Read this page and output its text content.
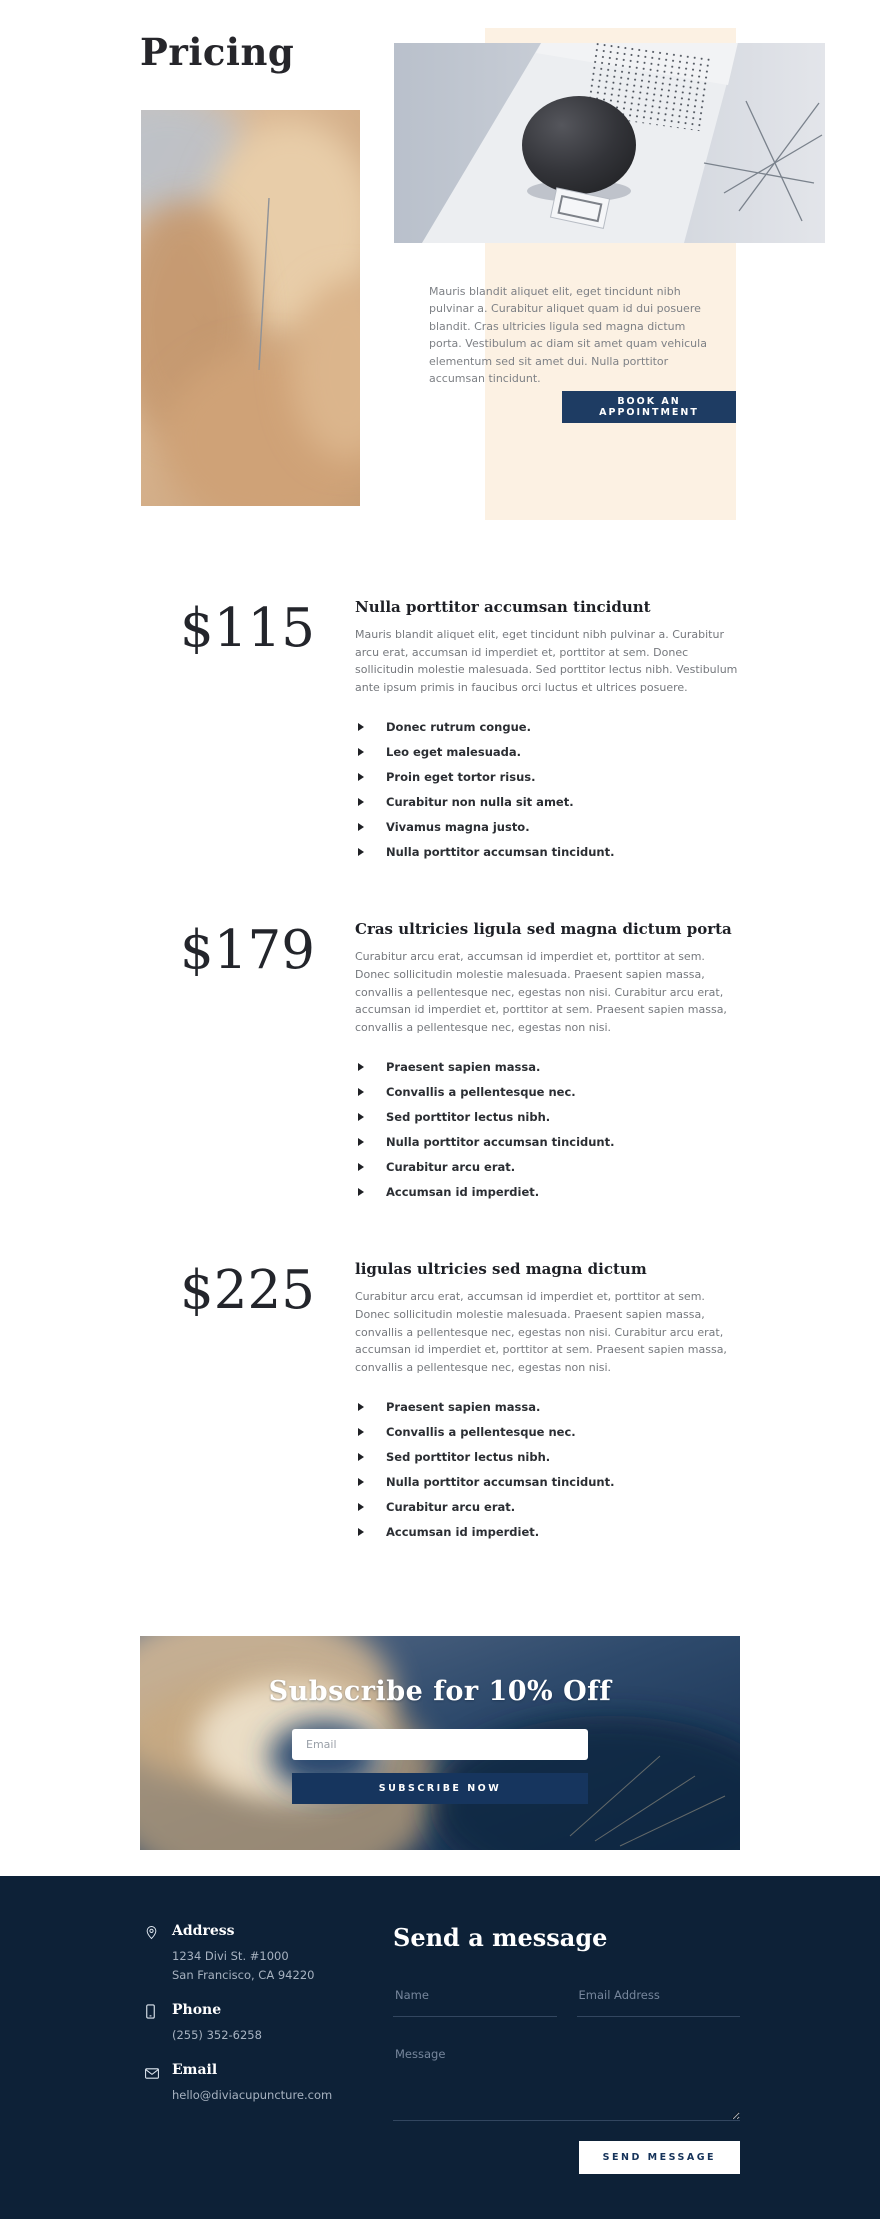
Pricing

Mauris blandit aliquet elit, eget tincidunt nibh pulvinar a. Curabitur aliquet quam id dui posuere blandit. Cras ultricies ligula sed magna dictum porta. Vestibulum ac diam sit amet quam vehicula elementum sed sit amet dui. Nulla porttitor accumsan tincidunt.

BOOK AN APPOINTMENT
$115	Nulla porttitor accumsan tincidunt

Mauris blandit aliquet elit, eget tincidunt nibh pulvinar a. Curabitur arcu erat, accumsan id imperdiet et, porttitor at sem. Donec sollicitudin molestie malesuada. Sed porttitor lectus nibh. Vestibulum ante ipsum primis in faucibus orci luctus et ultrices posuere.

Donec rutrum congue.
Leo eget malesuada.
Proin eget tortor risus.
Curabitur non nulla sit amet.
Vivamus magna justo.
Nulla porttitor accumsan tincidunt.
$179	Cras ultricies ligula sed magna dictum porta

Curabitur arcu erat, accumsan id imperdiet et, porttitor at sem. Donec sollicitudin molestie malesuada. Praesent sapien massa, convallis a pellentesque nec, egestas non nisi. Curabitur arcu erat, accumsan id imperdiet et, porttitor at sem. Praesent sapien massa, convallis a pellentesque nec, egestas non nisi.

Praesent sapien massa.
Convallis a pellentesque nec.
Sed porttitor lectus nibh.
Nulla porttitor accumsan tincidunt.
Curabitur arcu erat.
Accumsan id imperdiet.
$225	ligulas ultricies sed magna dictum

Curabitur arcu erat, accumsan id imperdiet et, porttitor at sem. Donec sollicitudin molestie malesuada. Praesent sapien massa, convallis a pellentesque nec, egestas non nisi. Curabitur arcu erat, accumsan id imperdiet et, porttitor at sem. Praesent sapien massa, convallis a pellentesque nec, egestas non nisi.

Praesent sapien massa.
Convallis a pellentesque nec.
Sed porttitor lectus nibh.
Nulla porttitor accumsan tincidunt.
Curabitur arcu erat.
Accumsan id imperdiet.
Subscribe for 10% Off
Email
SUBSCRIBE NOW
Address

1234 Divi St. #1000

San Francisco, CA 94220

Phone

(255) 352-6258

Email

hello@diviacupuncture.com

Send a message
Name
Email Address
Message
SEND MESSAGE
